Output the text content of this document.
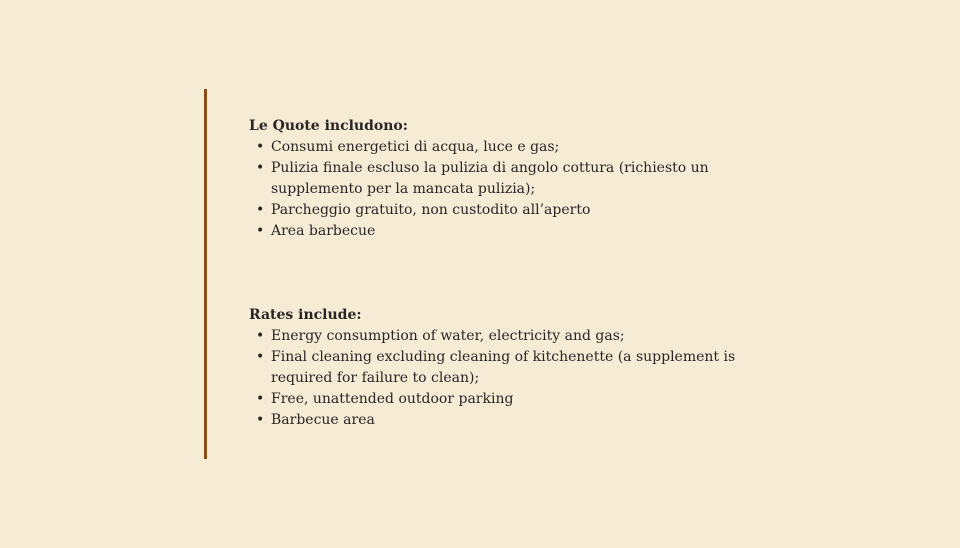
Le Quote includono:

• Consumi energetici di acqua, luce e gas;
• Pulizia finale escluso la pulizia di angolo cottura (richiesto un supplemento per la mancata pulizia);
• Parcheggio gratuito, non custodito all’aperto
• Area barbecue

Rates include:

• Energy consumption of water, electricity and gas;
• Final cleaning excluding cleaning of kitchenette (a supplement is required for failure to clean);
• Free, unattended outdoor parking
• Barbecue area
